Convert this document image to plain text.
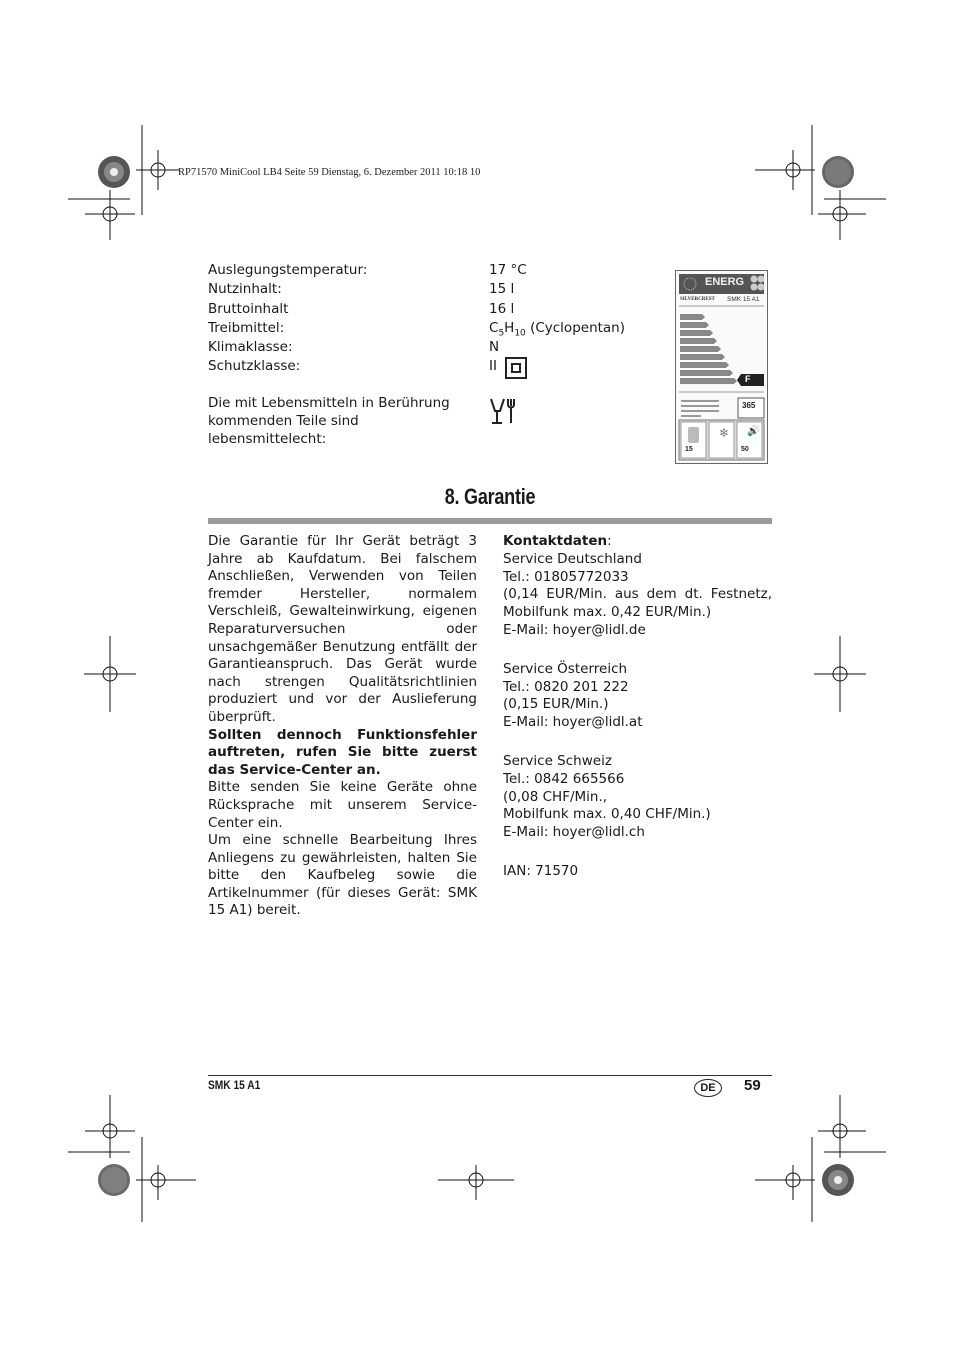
RP71570 MiniCool LB4 Seite 59 Dienstag, 6. Dezember 2011 10:18 10
Auslegungstemperatur:	17 °C
Nutzinhalt:	15 l
Bruttoinhalt	16 l
Treibmittel:	$C_5H_{10}$ (Cyclopentan)
Klimaklasse:	N
Schutzklasse:	II
Die mit Lebensmitteln in Berührung kommenden Teile sind lebensmittelecht:
ENERG
SILVERCREST SMK 15 A1
F
365
15
❄ 🔊
50
8. Garantie

Die Garantie für Ihr Gerät beträgt 3 Jahre ab Kaufdatum. Bei falschem Anschließen, Verwenden von Teilen fremder Hersteller, normalem Verschleiß, Gewalteinwirkung, eigenen Reparaturversuchen oder unsachgemäßer Benutzung entfällt der Garantieanspruch. Das Gerät wurde nach strengen Qualitätsrichtlinien produziert und vor der Auslieferung überprüft.

Sollten dennoch Funktionsfehler auftreten, rufen Sie bitte zuerst das Service-Center an.

Bitte senden Sie keine Geräte ohne Rücksprache mit unserem Service-Center ein.

Um eine schnelle Bearbeitung Ihres Anliegens zu gewährleisten, halten Sie bitte den Kaufbeleg sowie die Artikelnummer (für dieses Gerät: SMK 15 A1) bereit.

Kontaktdaten:

Service Deutschland

Tel.: 01805772033

(0,14 EUR/Min. aus dem dt. Festnetz, Mobilfunk max. 0,42 EUR/Min.)

E-Mail: hoyer@lidl.de

Service Österreich

Tel.: 0820 201 222

(0,15 EUR/Min.)

E-Mail: hoyer@lidl.at

Service Schweiz

Tel.: 0842 665566

(0,08 CHF/Min.,

Mobilfunk max. 0,40 CHF/Min.)

E-Mail: hoyer@lidl.ch

IAN: 71570

SMK 15 A1	DE	59
